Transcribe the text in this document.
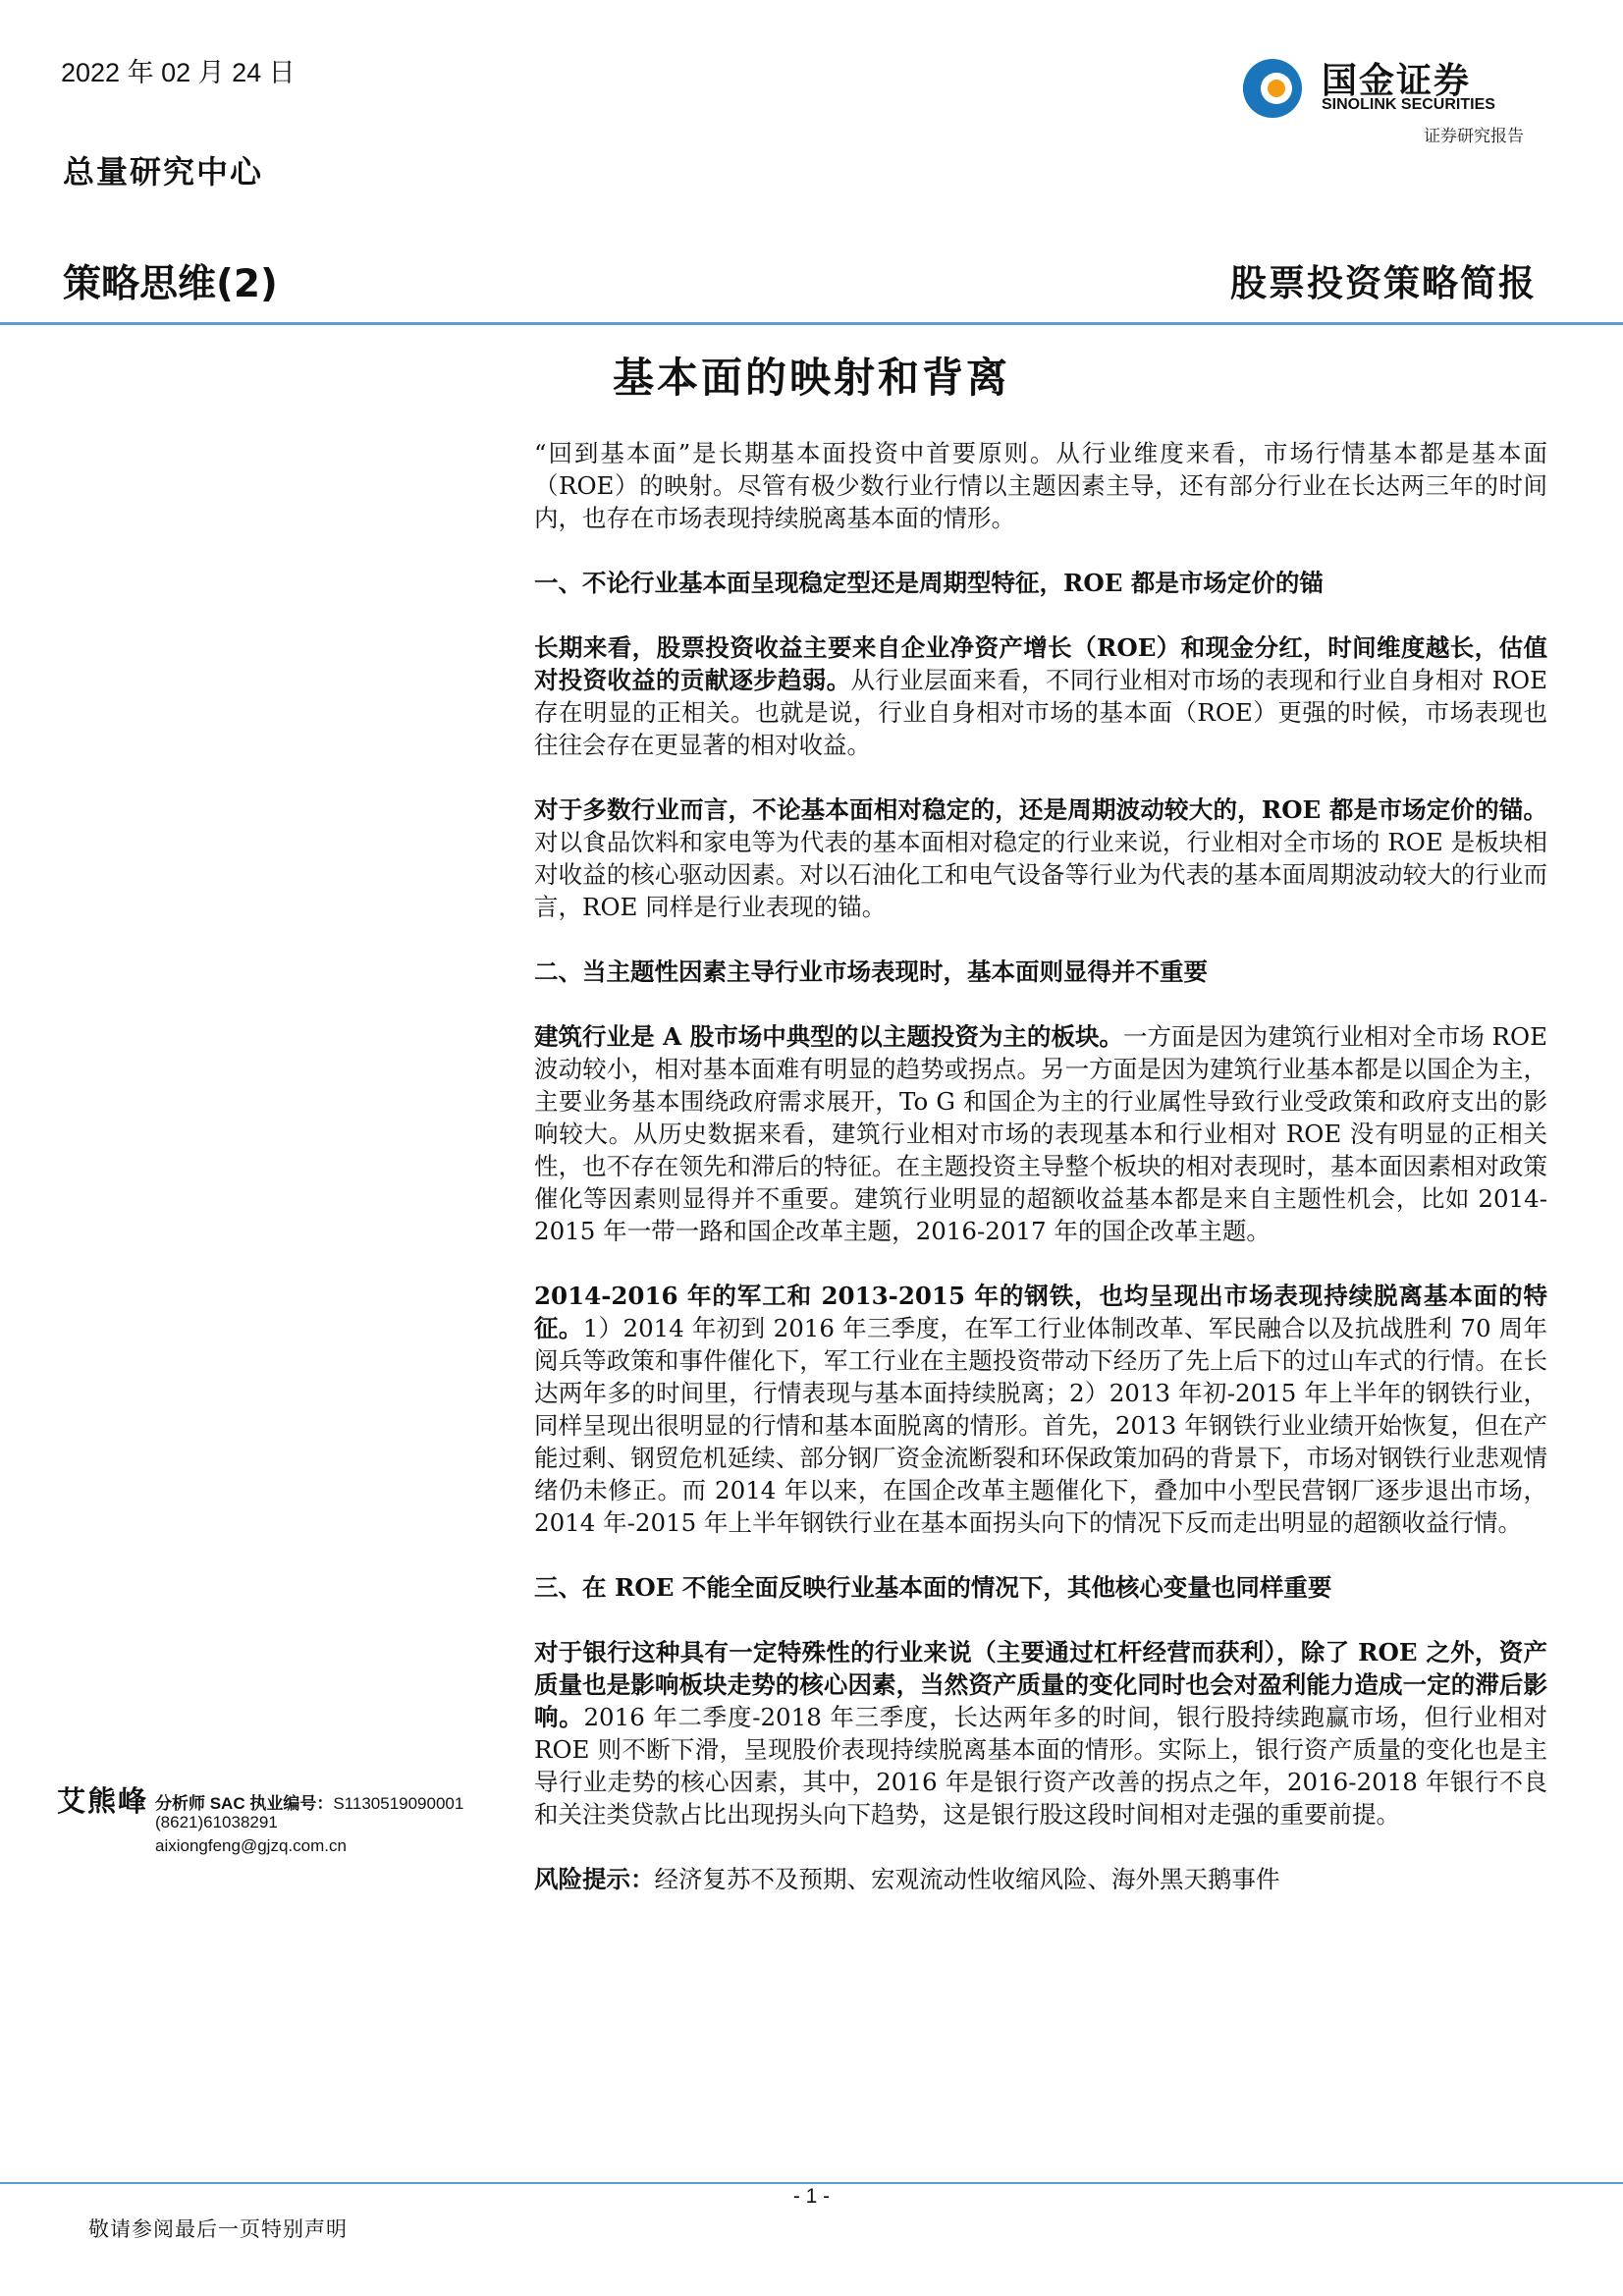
2022 年 02 月 24 日
总量研究中心
国金证券
SINOLINK SECURITIES
证券研究报告
策略思维(2)	股票投资策略简报
基本面的映射和背离

“回到基本面”是长期基本面投资中首要原则。从行业维度来看，市场行情基本都是基本面（ROE）的映射。尽管有极少数行业行情以主题因素主导，还有部分行业在长达两三年的时间内，也存在市场表现持续脱离基本面的情形。

一、不论行业基本面呈现稳定型还是周期型特征，ROE 都是市场定价的锚

长期来看，股票投资收益主要来自企业净资产增长（ROE）和现金分红，时间维度越长，估值对投资收益的贡献逐步趋弱。从行业层面来看，不同行业相对市场的表现和行业自身相对 ROE 存在明显的正相关。也就是说，行业自身相对市场的基本面（ROE）更强的时候，市场表现也往往会存在更显著的相对收益。

对于多数行业而言，不论基本面相对稳定的，还是周期波动较大的，ROE 都是市场定价的锚。对以食品饮料和家电等为代表的基本面相对稳定的行业来说，行业相对全市场的 ROE 是板块相对收益的核心驱动因素。对以石油化工和电气设备等行业为代表的基本面周期波动较大的行业而言，ROE 同样是行业表现的锚。

二、当主题性因素主导行业市场表现时，基本面则显得并不重要

建筑行业是 A 股市场中典型的以主题投资为主的板块。一方面是因为建筑行业相对全市场 ROE 波动较小，相对基本面难有明显的趋势或拐点。另一方面是因为建筑行业基本都是以国企为主，主要业务基本围绕政府需求展开，To G 和国企为主的行业属性导致行业受政策和政府支出的影响较大。从历史数据来看，建筑行业相对市场的表现基本和行业相对 ROE 没有明显的正相关性，也不存在领先和滞后的特征。在主题投资主导整个板块的相对表现时，基本面因素相对政策催化等因素则显得并不重要。建筑行业明显的超额收益基本都是来自主题性机会，比如 2014-2015 年一带一路和国企改革主题，2016-2017 年的国企改革主题。

2014-2016 年的军工和 2013-2015 年的钢铁，也均呈现出市场表现持续脱离基本面的特征。1）2014 年初到 2016 年三季度，在军工行业体制改革、军民融合以及抗战胜利 70 周年阅兵等政策和事件催化下，军工行业在主题投资带动下经历了先上后下的过山车式的行情。在长达两年多的时间里，行情表现与基本面持续脱离；2）2013 年初-2015 年上半年的钢铁行业，同样呈现出很明显的行情和基本面脱离的情形。首先，2013 年钢铁行业业绩开始恢复，但在产能过剩、钢贸危机延续、部分钢厂资金流断裂和环保政策加码的背景下，市场对钢铁行业悲观情绪仍未修正。而 2014 年以来，在国企改革主题催化下，叠加中小型民营钢厂逐步退出市场，2014 年-2015 年上半年钢铁行业在基本面拐头向下的情况下反而走出明显的超额收益行情。

三、在 ROE 不能全面反映行业基本面的情况下，其他核心变量也同样重要

对于银行这种具有一定特殊性的行业来说（主要通过杠杆经营而获利），除了 ROE 之外，资产质量也是影响板块走势的核心因素，当然资产质量的变化同时也会对盈利能力造成一定的滞后影响。2016 年二季度-2018 年三季度，长达两年多的时间，银行股持续跑赢市场，但行业相对 ROE 则不断下滑，呈现股价表现持续脱离基本面的情形。实际上，银行资产质量的变化也是主导行业走势的核心因素，其中，2016 年是银行资产改善的拐点之年，2016-2018 年银行不良和关注类贷款占比出现拐头向下趋势，这是银行股这段时间相对走强的重要前提。

风险提示：经济复苏不及预期、宏观流动性收缩风险、海外黑天鹅事件

艾熊峰 分析师 SAC 执业编号：S1130519090001
(8621)61038291
aixiongfeng@gjzq.com.cn
- 1 -
敬请参阅最后一页特别声明
